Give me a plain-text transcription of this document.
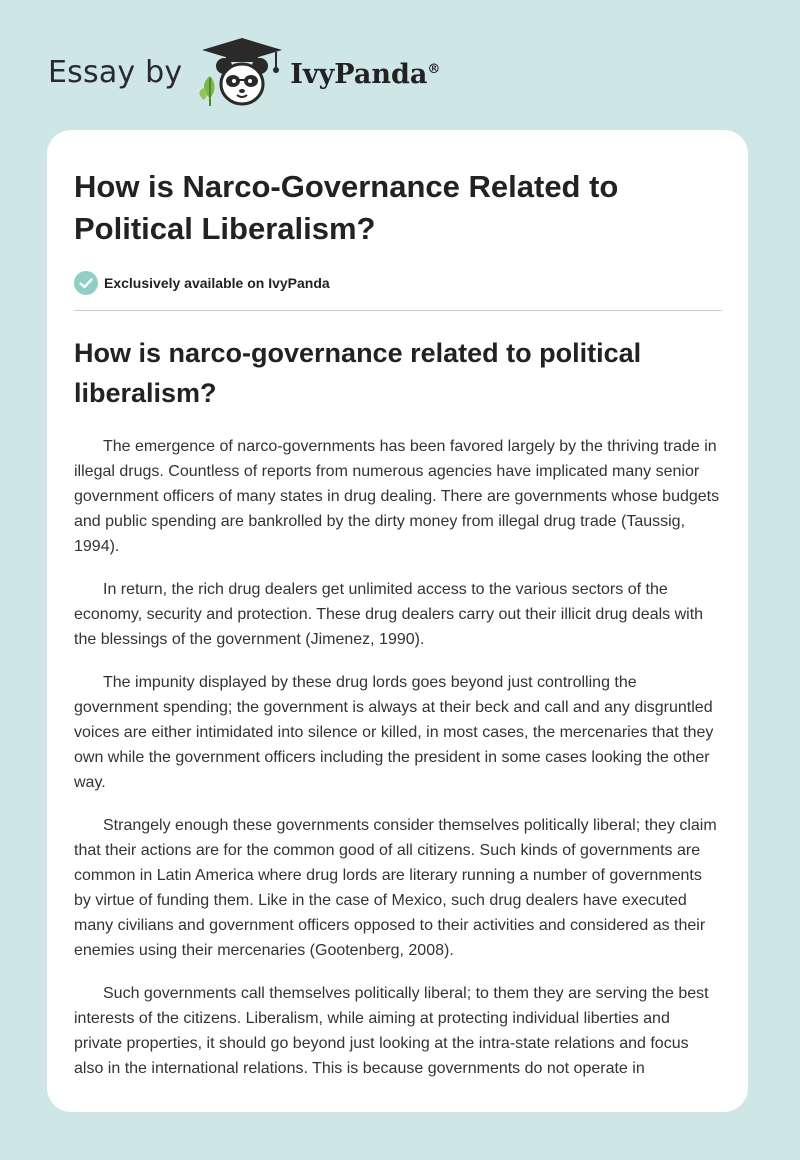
Essay by	IvyPanda®
How is Narco-Governance Related to Political Liberalism?
Exclusively available on IvyPanda
How is narco-governance related to political liberalism?

The emergence of narco-governments has been favored largely by the thriving trade in illegal drugs. Countless of reports from numerous agencies have implicated many senior government officers of many states in drug dealing. There are governments whose budgets and public spending are bankrolled by the dirty money from illegal drug trade (Taussig, 1994).

In return, the rich drug dealers get unlimited access to the various sectors of the economy, security and protection. These drug dealers carry out their illicit drug deals with the blessings of the government (Jimenez, 1990).

The impunity displayed by these drug lords goes beyond just controlling the government spending; the government is always at their beck and call and any disgruntled voices are either intimidated into silence or killed, in most cases, the mercenaries that they own while the government officers including the president in some cases looking the other way.

Strangely enough these governments consider themselves politically liberal; they claim that their actions are for the common good of all citizens. Such kinds of governments are common in Latin America where drug lords are literary running a number of governments by virtue of funding them. Like in the case of Mexico, such drug dealers have executed many civilians and government officers opposed to their activities and considered as their enemies using their mercenaries (Gootenberg, 2008).

Such governments call themselves politically liberal; to them they are serving the best interests of the citizens. Liberalism, while aiming at protecting individual liberties and private properties, it should go beyond just looking at the intra-state relations and focus also in the international relations. This is because governments do not operate in
